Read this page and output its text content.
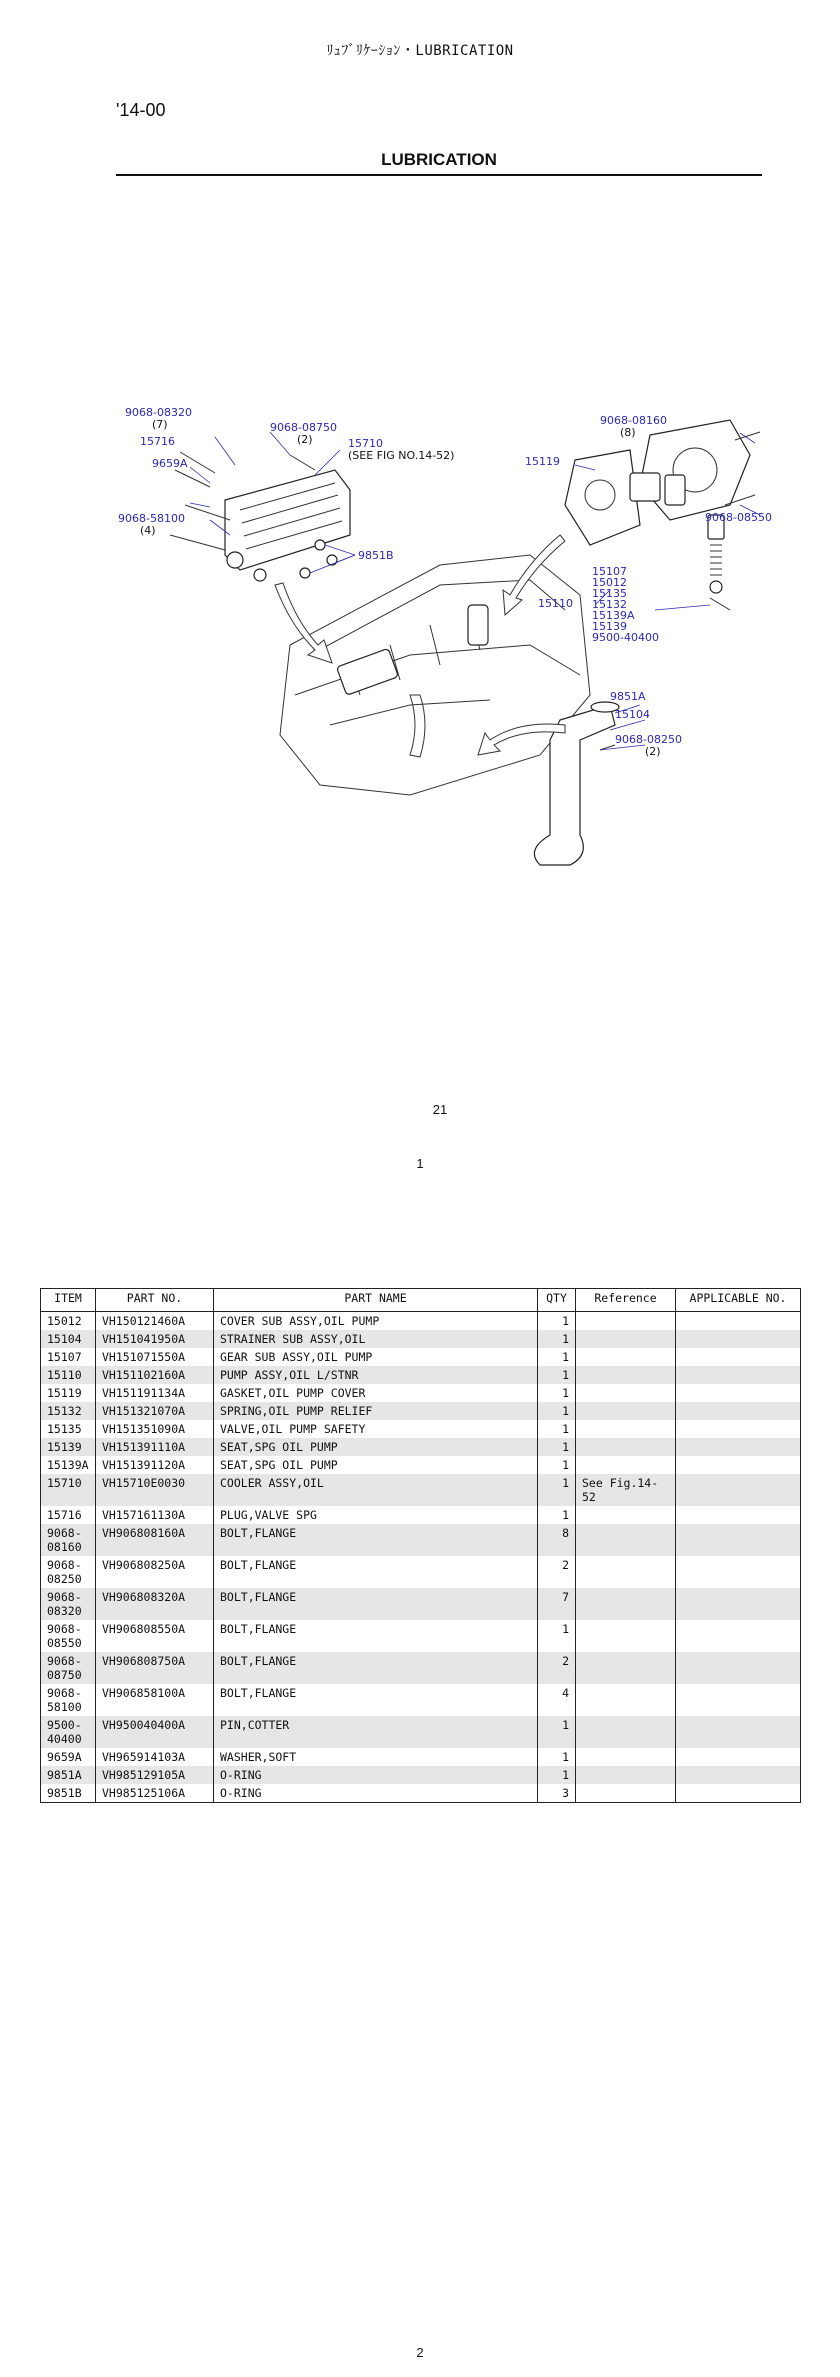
ﾘｭﾌﾞﾘｹｰｼｮﾝ・LUBRICATION
'14-00
LUBRICATION
9068-08320
(7)
15716
9068-08750
(2)	15710
(SEE FIG NO.14-52)
9659A
9068-58100
(4)
9851B
9068-08160
(8)
15119
9068-08550
15107
15012
15135
15132
15139A
15139
15110
9500-40400
9851A
15104
9068-08250
(2)
21
1
ITEM	PART NO.	PART NAME	QTY	Reference	APPLICABLE NO.
15012	VH150121460A	COVER SUB ASSY,OIL PUMP	1		
15104	VH151041950A	STRAINER SUB ASSY,OIL	1		
15107	VH151071550A	GEAR SUB ASSY,OIL PUMP	1		
15110	VH151102160A	PUMP ASSY,OIL L/STNR	1		
15119	VH151191134A	GASKET,OIL PUMP COVER	1		
15132	VH151321070A	SPRING,OIL PUMP RELIEF	1		
15135	VH151351090A	VALVE,OIL PUMP SAFETY	1		
15139	VH151391110A	SEAT,SPG OIL PUMP	1		
15139A	VH151391120A	SEAT,SPG OIL PUMP	1		
15710	VH15710E0030	COOLER ASSY,OIL	1	See Fig.14-52	
15716	VH157161130A	PLUG,VALVE SPG	1		
9068-08160	VH906808160A	BOLT,FLANGE	8		
9068-08250	VH906808250A	BOLT,FLANGE	2		
9068-08320	VH906808320A	BOLT,FLANGE	7		
9068-08550	VH906808550A	BOLT,FLANGE	1		
9068-08750	VH906808750A	BOLT,FLANGE	2		
9068-58100	VH906858100A	BOLT,FLANGE	4		
9500-40400	VH950040400A	PIN,COTTER	1		
9659A	VH965914103A	WASHER,SOFT	1		
9851A	VH985129105A	O-RING	1		
9851B	VH985125106A	O-RING	3		
2
